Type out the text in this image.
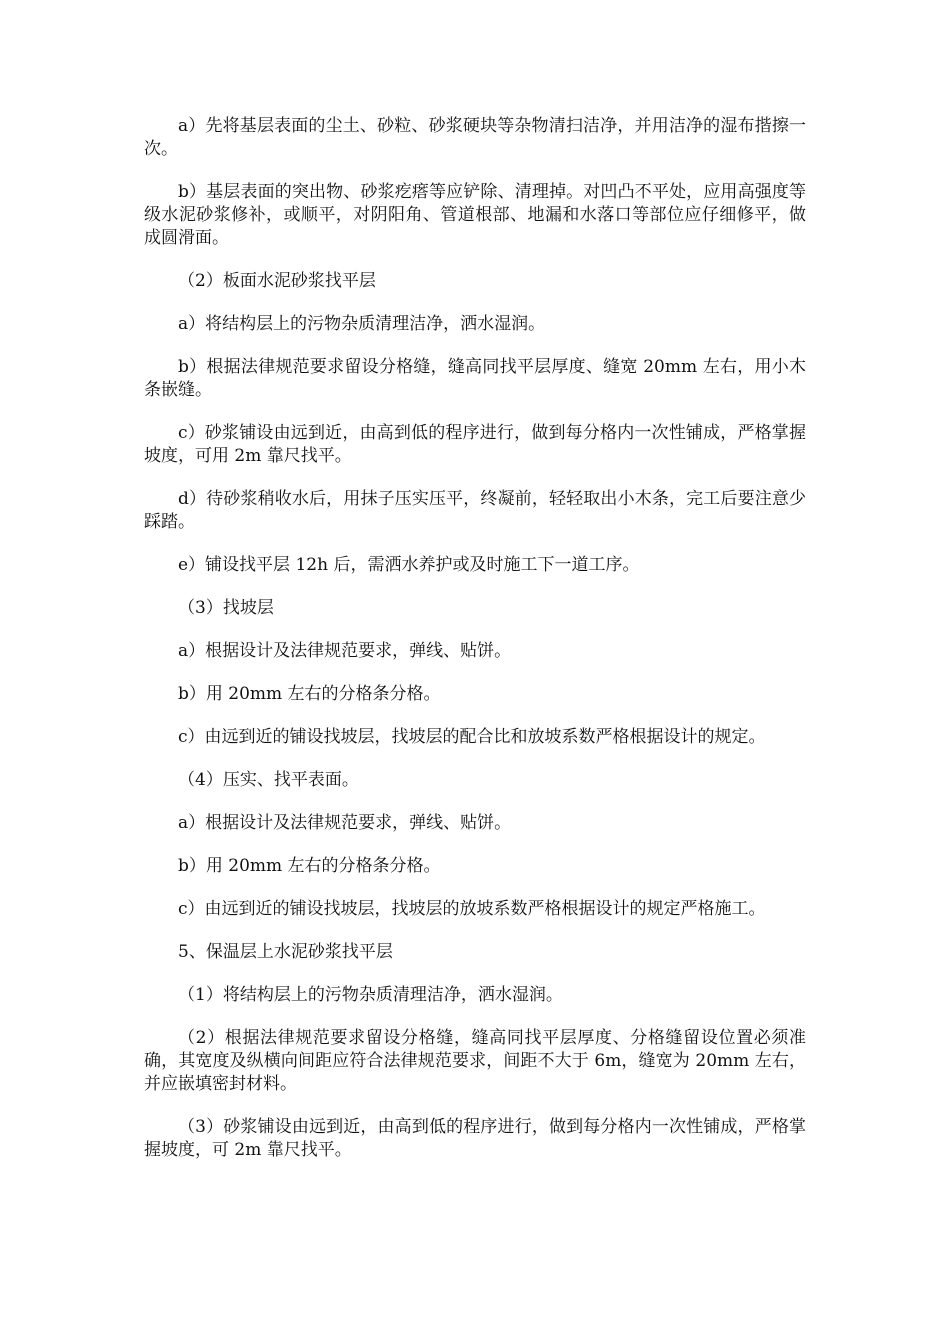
a）先将基层表面的尘土、砂粒、砂浆硬块等杂物清扫洁净，并用洁净的湿布揩擦一次。

b）基层表面的突出物、砂浆疙瘩等应铲除、清理掉。对凹凸不平处，应用高强度等级水泥砂浆修补，或顺平，对阴阳角、管道根部、地漏和水落口等部位应仔细修平，做成圆滑面。

（2）板面水泥砂浆找平层

a）将结构层上的污物杂质清理洁净，洒水湿润。

b）根据法律规范要求留设分格缝，缝高同找平层厚度、缝宽 20mm 左右，用小木条嵌缝。

c）砂浆铺设由远到近，由高到低的程序进行，做到每分格内一次性铺成，严格掌握坡度，可用 2m 靠尺找平。

d）待砂浆稍收水后，用抹子压实压平，终凝前，轻轻取出小木条，完工后要注意少踩踏。

e）铺设找平层 12h 后，需洒水养护或及时施工下一道工序。

（3）找坡层

a）根据设计及法律规范要求，弹线、贴饼。

b）用 20mm 左右的分格条分格。

c）由远到近的铺设找坡层，找坡层的配合比和放坡系数严格根据设计的规定。

（4）压实、找平表面。

a）根据设计及法律规范要求，弹线、贴饼。

b）用 20mm 左右的分格条分格。

c）由远到近的铺设找坡层，找坡层的放坡系数严格根据设计的规定严格施工。

5、保温层上水泥砂浆找平层

（1）将结构层上的污物杂质清理洁净，洒水湿润。

（2）根据法律规范要求留设分格缝，缝高同找平层厚度、分格缝留设位置必须准确，其宽度及纵横向间距应符合法律规范要求，间距不大于 6m，缝宽为 20mm 左右，并应嵌填密封材料。

（3）砂浆铺设由远到近，由高到低的程序进行，做到每分格内一次性铺成，严格掌握坡度，可 2m 靠尺找平。
